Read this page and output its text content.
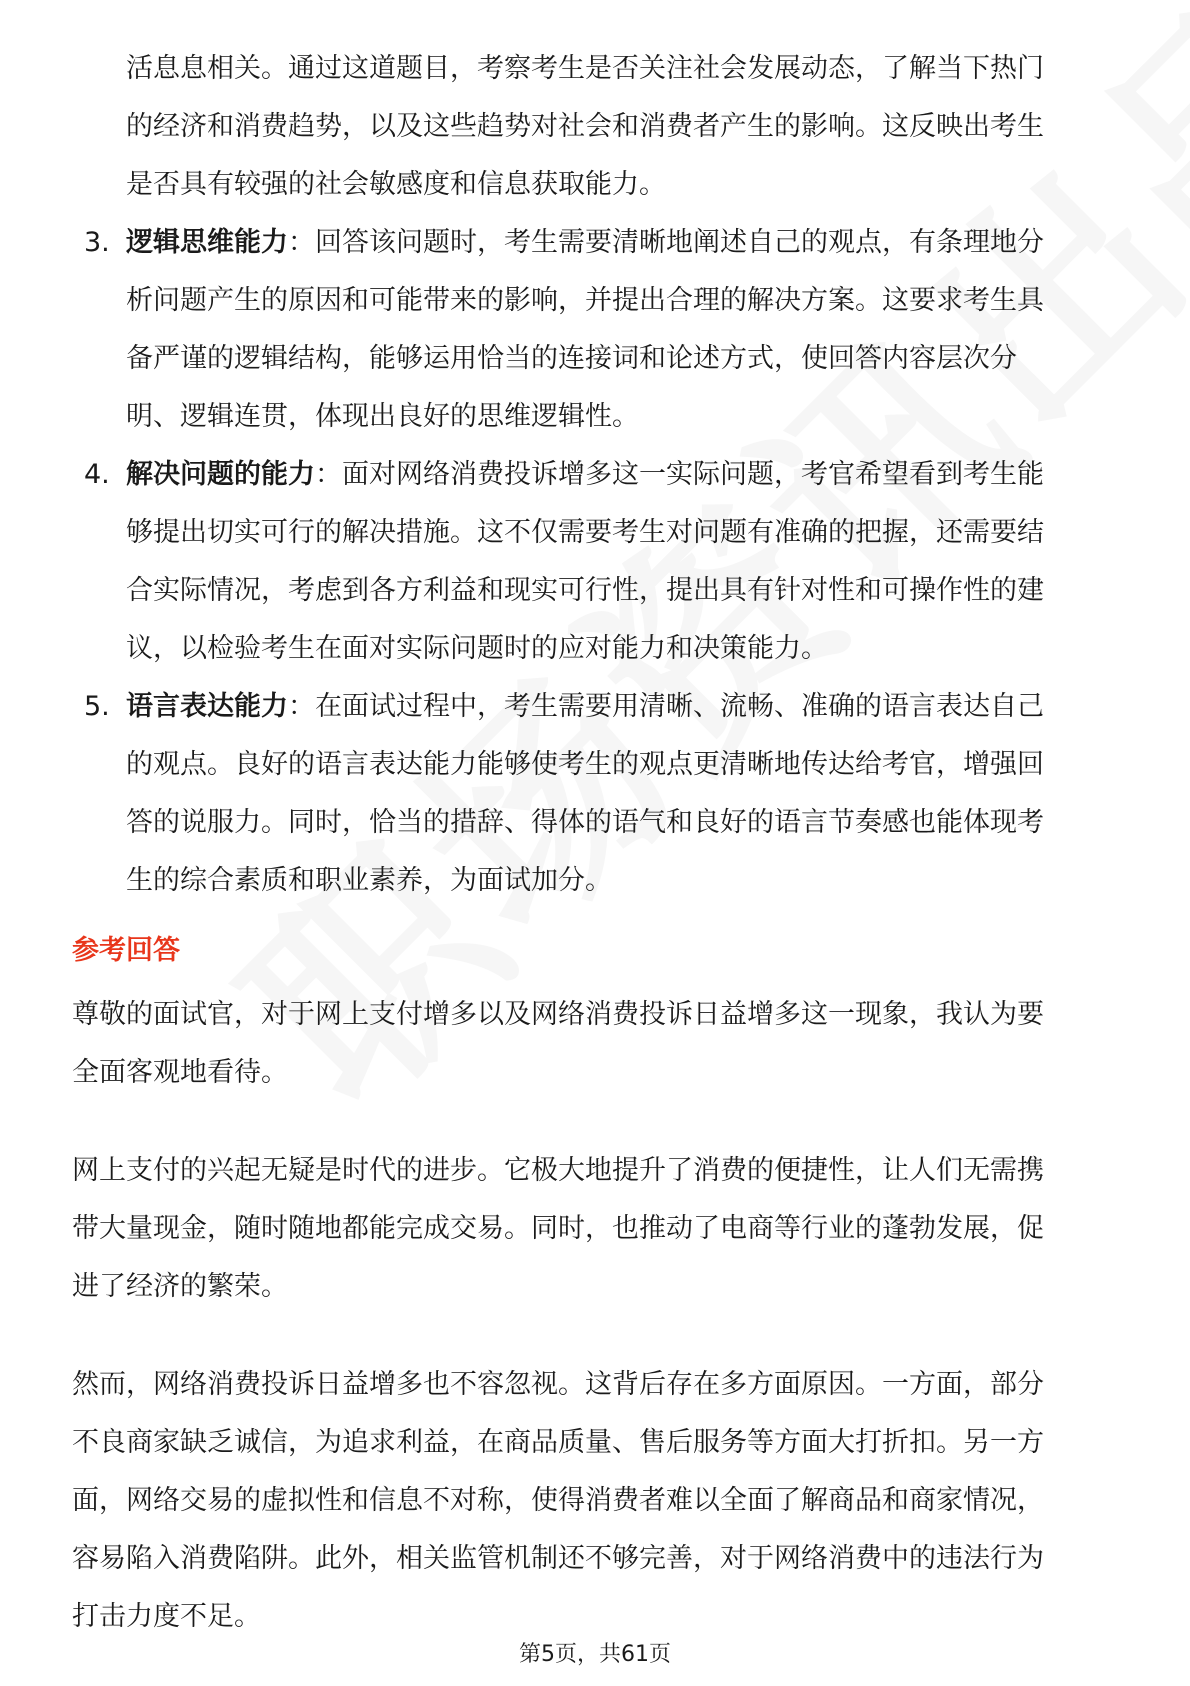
活息息相关。通过这道题目，考察考生是否关注社会发展动态，了解当下热门
的经济和消费趋势，以及这些趋势对社会和消费者产生的影响。这反映出考生
是否具有较强的社会敏感度和信息获取能力。
3. 逻辑思维能力：回答该问题时，考生需要清晰地阐述自己的观点，有条理地分
析问题产生的原因和可能带来的影响，并提出合理的解决方案。这要求考生具
备严谨的逻辑结构，能够运用恰当的连接词和论述方式，使回答内容层次分
明、逻辑连贯，体现出良好的思维逻辑性。
4. 解决问题的能力：面对网络消费投诉增多这一实际问题，考官希望看到考生能
够提出切实可行的解决措施。这不仅需要考生对问题有准确的把握，还需要结
合实际情况，考虑到各方利益和现实可行性，提出具有针对性和可操作性的建
议，以检验考生在面对实际问题时的应对能力和决策能力。
5. 语言表达能力：在面试过程中，考生需要用清晰、流畅、准确的语言表达自己
的观点。良好的语言表达能力能够使考生的观点更清晰地传达给考官，增强回
答的说服力。同时，恰当的措辞、得体的语气和良好的语言节奏感也能体现考
生的综合素质和职业素养，为面试加分。
参考回答
尊敬的面试官，对于网上支付增多以及网络消费投诉日益增多这一现象，我认为要
全面客观地看待。
网上支付的兴起无疑是时代的进步。它极大地提升了消费的便捷性，让人们无需携
带大量现金，随时随地都能完成交易。同时，也推动了电商等行业的蓬勃发展，促
进了经济的繁荣。
然而，网络消费投诉日益增多也不容忽视。这背后存在多方面原因。一方面，部分
不良商家缺乏诚信，为追求利益，在商品质量、售后服务等方面大打折扣。另一方
面，网络交易的虚拟性和信息不对称，使得消费者难以全面了解商品和商家情况，
容易陷入消费陷阱。此外，相关监管机制还不够完善，对于网络消费中的违法行为
打击力度不足。
第5页，共61页
